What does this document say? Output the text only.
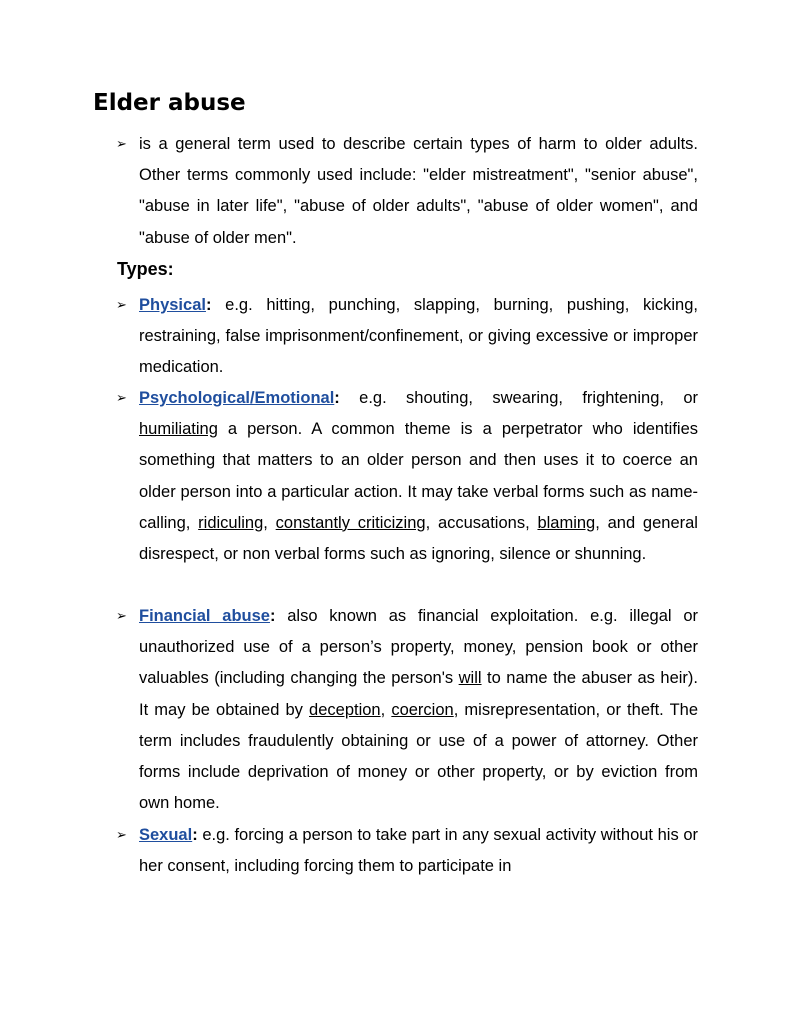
Elder abuse
➢ is a general term used to describe certain types of harm to older adults. Other terms commonly used include: "elder mistreatment", "senior abuse", "abuse in later life", "abuse of older adults", "abuse of older women", and "abuse of older men".

Types:
➢ Physical: e.g. hitting, punching, slapping, burning, pushing, kicking, restraining, false imprisonment/confinement, or giving excessive or improper medication.

➢ Psychological/Emotional: e.g. shouting, swearing, frightening, or humiliating a person. A common theme is a perpetrator who identifies something that matters to an older person and then uses it to coerce an older person into a particular action. It may take verbal forms such as name-calling, ridiculing, constantly criticizing, accusations, blaming, and general disrespect, or non verbal forms such as ignoring, silence or shunning.

➢ Financial abuse: also known as financial exploitation. e.g. illegal or unauthorized use of a person’s property, money, pension book or other valuables (including changing the person's will to name the abuser as heir). It may be obtained by deception, coercion, misrepresentation, or theft. The term includes fraudulently obtaining or use of a power of attorney. Other forms include deprivation of money or other property, or by eviction from own home.

➢ Sexual: e.g. forcing a person to take part in any sexual activity without his or her consent, including forcing them to participate in
